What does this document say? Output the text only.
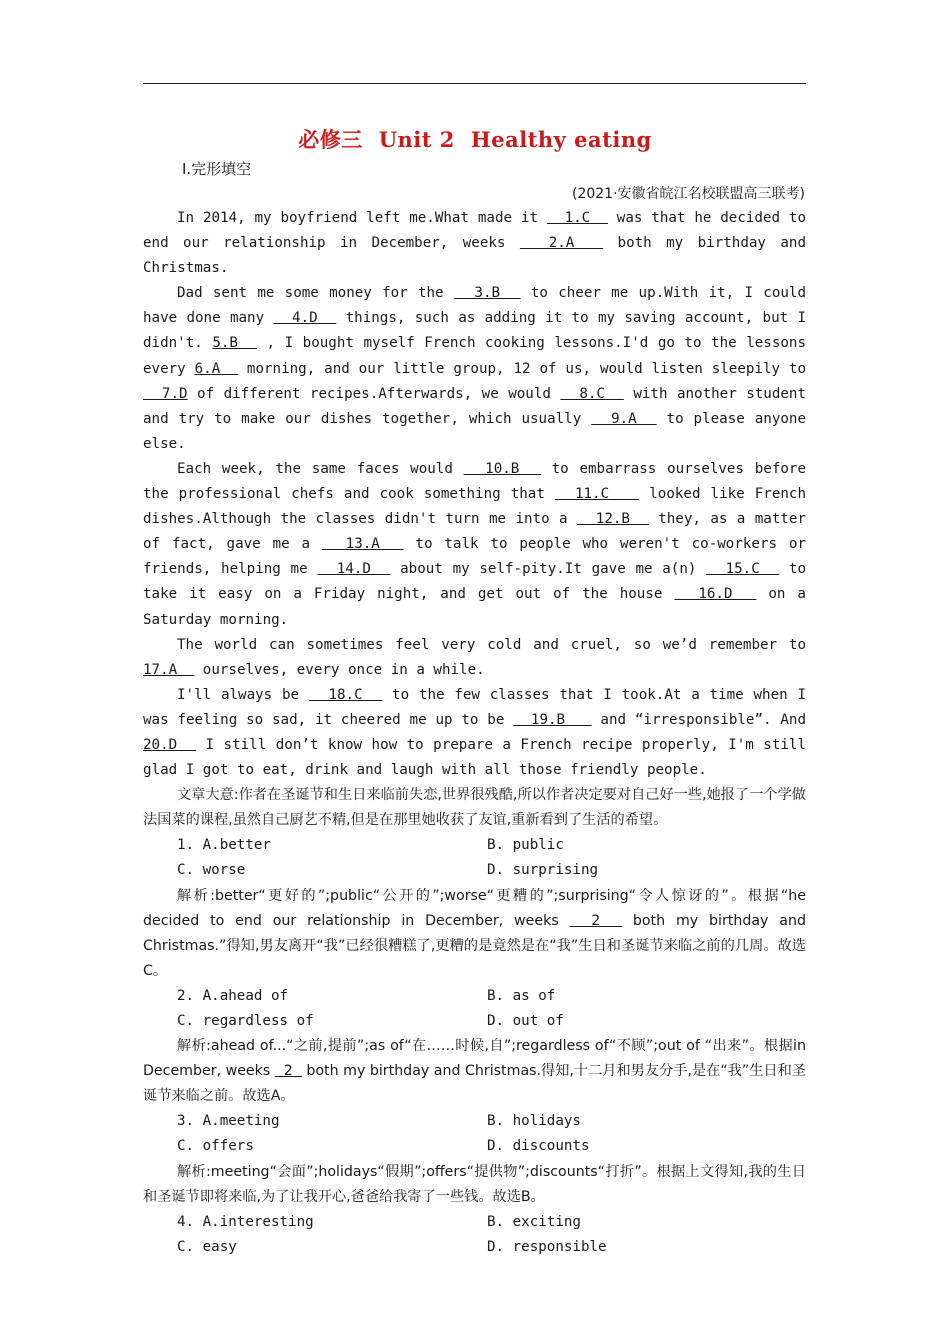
必修三 Unit 2 Healthy eating
Ⅰ.完形填空
(2021·安徽省皖江名校联盟高三联考)

In 2014, my boyfriend left me.What made it   1.C   was that he decided to end our relationship in December, weeks   2.A   both my birthday and Christmas.

Dad sent me some money for the   3.B   to cheer me up.With it, I could have done many   4.D   things, such as adding it to my saving account, but I didn't. 5.B   , I bought myself French cooking lessons.I'd go to the lessons every 6.A   morning, and our little group, 12 of us, would listen sleepily to   7.D of different recipes.Afterwards, we would   8.C   with another student and try to make our dishes together, which usually   9.A   to please anyone else.

Each week, the same faces would   10.B   to embarrass ourselves before the professional chefs and cook something that   11.C    looked like French dishes.Although the classes didn't turn me into a   12.B   they, as a matter of fact, gave me a   13.A   to talk to people who weren't co-workers or friends, helping me   14.D   about my self-pity.It gave me a(n)   15.C   to take it easy on a Friday night, and get out of the house   16.D   on a Saturday morning.

The world can sometimes feel very cold and cruel, so we’d remember to 17.A   ourselves, every once in a while.

I'll always be   18.C   to the few classes that I took.At a time when I was feeling so sad, it cheered me up to be   19.B    and “irresponsible”. And 20.D   I still don’t know how to prepare a French recipe properly, I'm still glad I got to eat, drink and laugh with all those friendly people.

文章大意:作者在圣诞节和生日来临前失恋,世界很残酷,所以作者决定要对自己好一些,她报了一个学做法国菜的课程,虽然自己厨艺不精,但是在那里她收获了友谊,重新看到了生活的希望。

1. A.better	B. public
C. worse	D. surprising

解析:better“更好的”;public“公开的”;worse“更糟的”;surprising“令人惊讶的”。根据“he decided to end our relationship in December, weeks   2   both my birthday and Christmas.”得知,男友离开“我”已经很糟糕了,更糟的是竟然是在“我”生日和圣诞节来临之前的几周。故选C。

2. A.ahead of	B. as of
C. regardless of	D. out of

解析:ahead of...“之前,提前”;as of“在……时候,自”;regardless of“不顾”;out of “出来”。根据in December, weeks   2   both my birthday and Christmas.得知,十二月和男友分手,是在“我”生日和圣诞节来临之前。故选A。

3. A.meeting	B. holidays
C. offers	D. discounts

解析:meeting“会面”;holidays“假期”;offers“提供物”;discounts“打折”。根据上文得知,我的生日和圣诞节即将来临,为了让我开心,爸爸给我寄了一些钱。故选B。

4. A.interesting	B. exciting
C. easy	D. responsible
